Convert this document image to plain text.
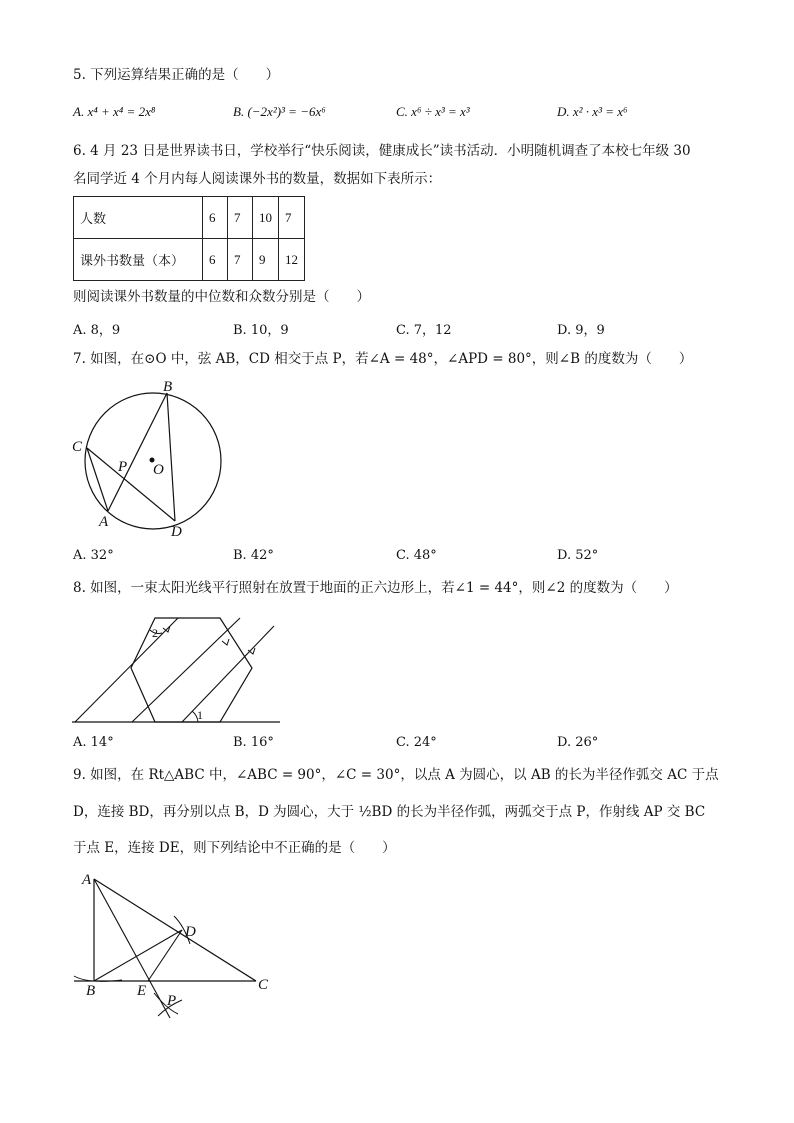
5. 下列运算结果正确的是（　　）
A. x⁴ + x⁴ = 2x⁸	B. (−2x²)³ = −6x⁶	C. x⁶ ÷ x³ = x³	D. x² · x³ = x⁶
6. 4 月 23 日是世界读书日，学校举行“快乐阅读，健康成长”读书活动．小明随机调查了本校七年级 30
名同学近 4 个月内每人阅读课外书的数量，数据如下表所示：
人数	6	7	10	7
课外书数量（本）	6	7	9	12
则阅读课外书数量的中位数和众数分别是（　　）
A. 8，9	B. 10，9	C. 7，12	D. 9，9
7. 如图，在⊙O 中，弦 AB，CD 相交于点 P，若∠A = 48°，∠APD = 80°，则∠B 的度数为（　　）
B
C
P O
A
D
A. 32°	B. 42°	C. 48°	D. 52°
8. 如图，一束太阳光线平行照射在放置于地面的正六边形上，若∠1 = 44°，则∠2 的度数为（　　）
1
2
A. 14°	B. 16°	C. 24°	D. 26°
9. 如图，在 Rt△ABC 中，∠ABC = 90°，∠C = 30°，以点 A 为圆心，以 AB 的长为半径作弧交 AC 于点
D，连接 BD，再分别以点 B，D 为圆心，大于 ½BD 的长为半径作弧，两弧交于点 P，作射线 AP 交 BC
于点 E，连接 DE，则下列结论中不正确的是（　　）
A
D
B	E	C
P
